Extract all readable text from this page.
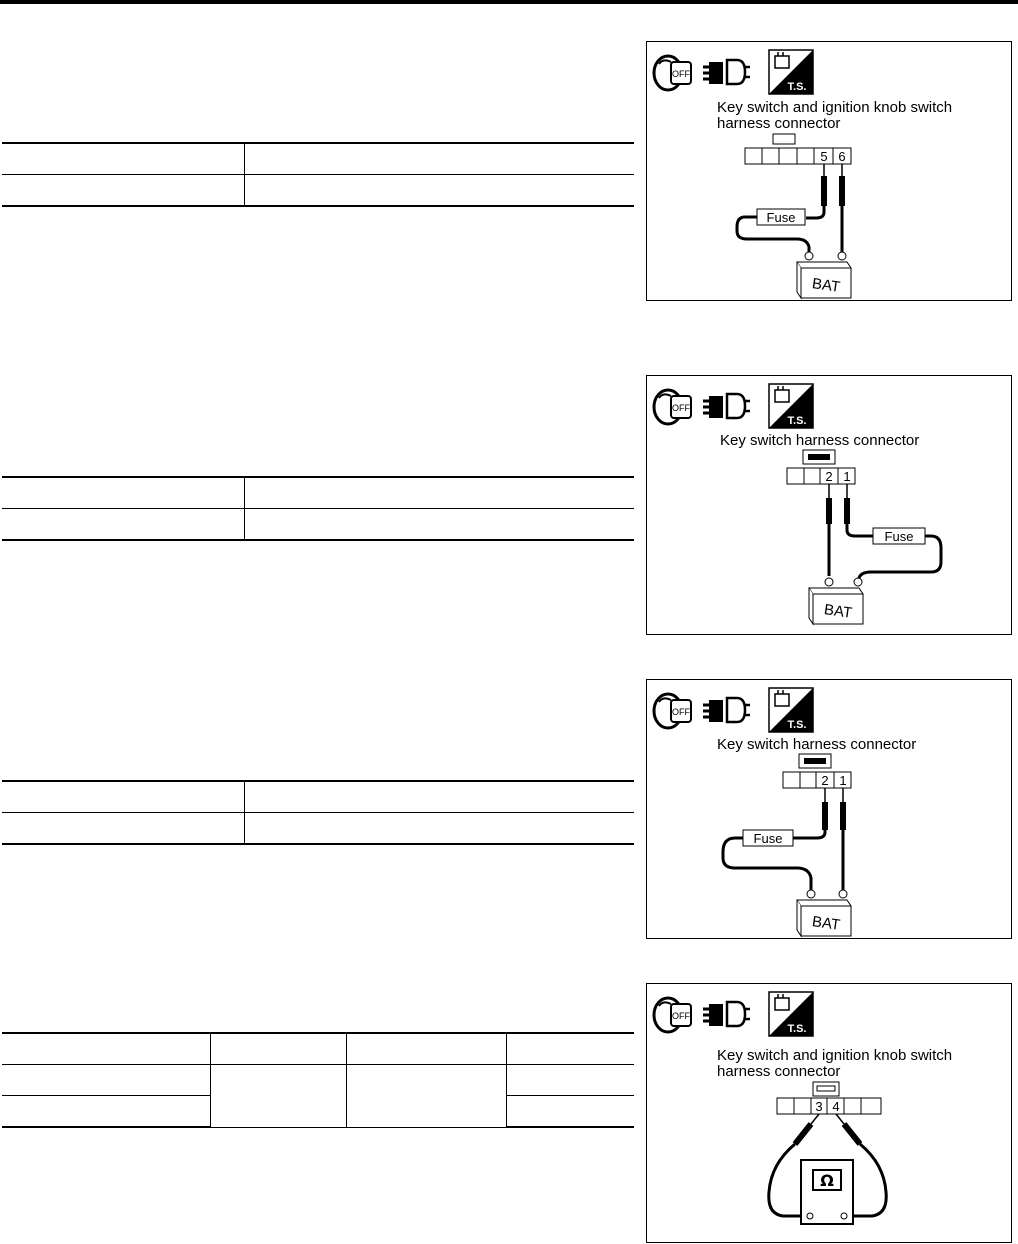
OFF
T.S.
5 6
Fuse
BAT
Key switch and ignition knob switch
harness connector
OFF
T.S.
2 1
Fuse
BAT
Key switch harness connector
OFF
T.S.
2 1
Fuse
BAT
Key switch harness connector
OFF
T.S.
3 4
Ω
Key switch and ignition knob switch
harness connector
